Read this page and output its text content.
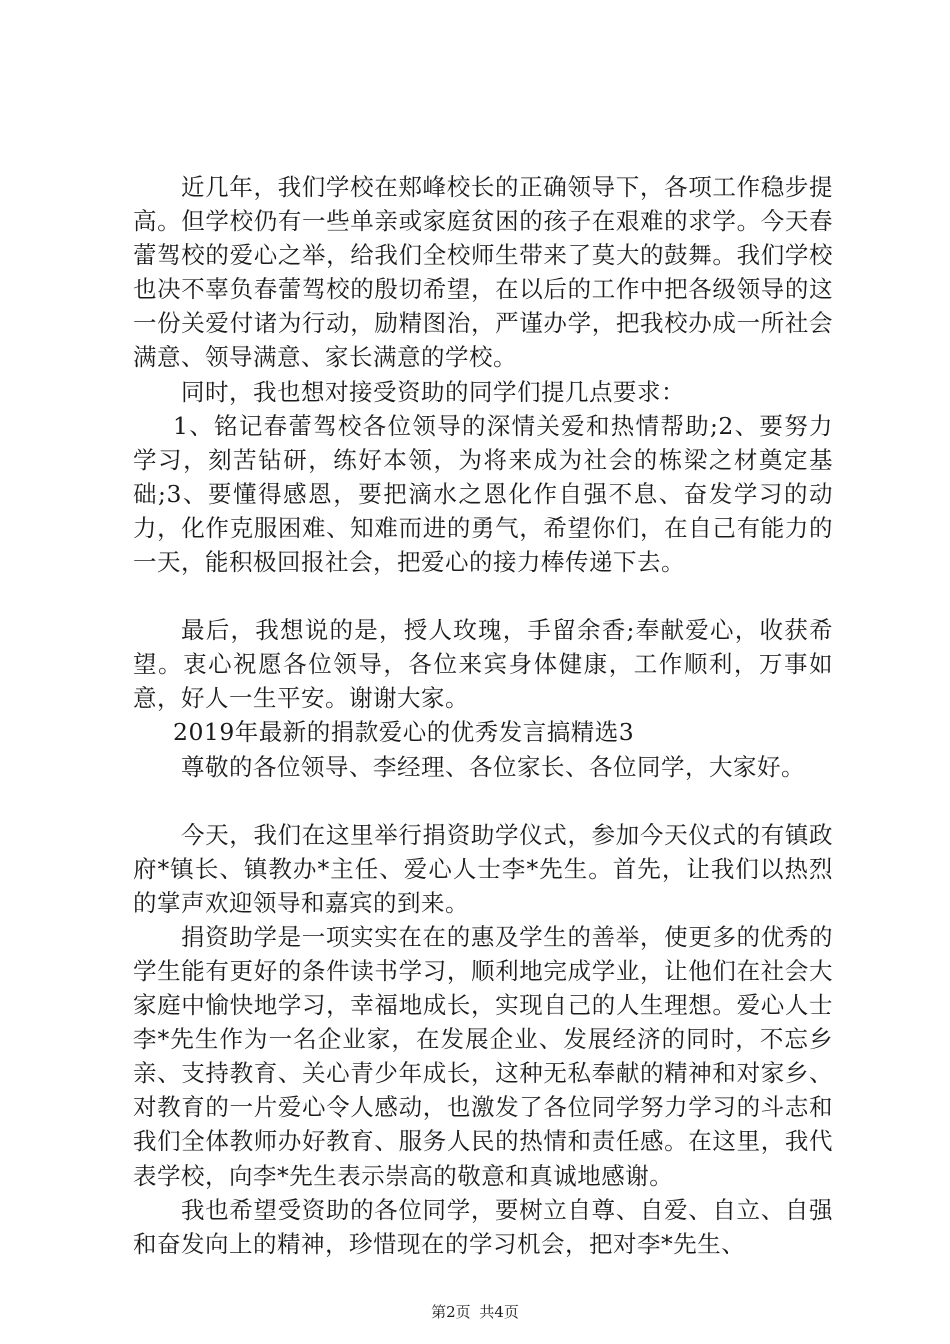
近几年，我们学校在郏峰校长的正确领导下，各项工作稳步提高。但学校仍有一些单亲或家庭贫困的孩子在艰难的求学。今天春蕾驾校的爱心之举，给我们全校师生带来了莫大的鼓舞。我们学校也决不辜负春蕾驾校的殷切希望，在以后的工作中把各级领导的这一份关爱付诸为行动，励精图治，严谨办学，把我校办成一所社会满意、领导满意、家长满意的学校。

同时，我也想对接受资助的同学们提几点要求：

1、铭记春蕾驾校各位领导的深情关爱和热情帮助;2、要努力学习，刻苦钻研，练好本领，为将来成为社会的栋梁之材奠定基础;3、要懂得感恩，要把滴水之恩化作自强不息、奋发学习的动力，化作克服困难、知难而进的勇气，希望你们，在自己有能力的一天，能积极回报社会，把爱心的接力棒传递下去。

最后，我想说的是，授人玫瑰，手留余香;奉献爱心，收获希望。衷心祝愿各位领导，各位来宾身体健康，工作顺利，万事如意，好人一生平安。谢谢大家。

2019年最新的捐款爱心的优秀发言搞精选3

尊敬的各位领导、李经理、各位家长、各位同学，大家好。

今天，我们在这里举行捐资助学仪式，参加今天仪式的有镇政府*镇长、镇教办*主任、爱心人士李*先生。首先，让我们以热烈的掌声欢迎领导和嘉宾的到来。

捐资助学是一项实实在在的惠及学生的善举，使更多的优秀的学生能有更好的条件读书学习，顺利地完成学业，让他们在社会大家庭中愉快地学习，幸福地成长，实现自己的人生理想。爱心人士李*先生作为一名企业家，在发展企业、发展经济的同时，不忘乡亲、支持教育、关心青少年成长，这种无私奉献的精神和对家乡、对教育的一片爱心令人感动，也激发了各位同学努力学习的斗志和我们全体教师办好教育、服务人民的热情和责任感。在这里，我代表学校，向李*先生表示崇高的敬意和真诚地感谢。

我也希望受资助的各位同学，要树立自尊、自爱、自立、自强和奋发向上的精神，珍惜现在的学习机会，把对李*先生、

第2页 共4页
